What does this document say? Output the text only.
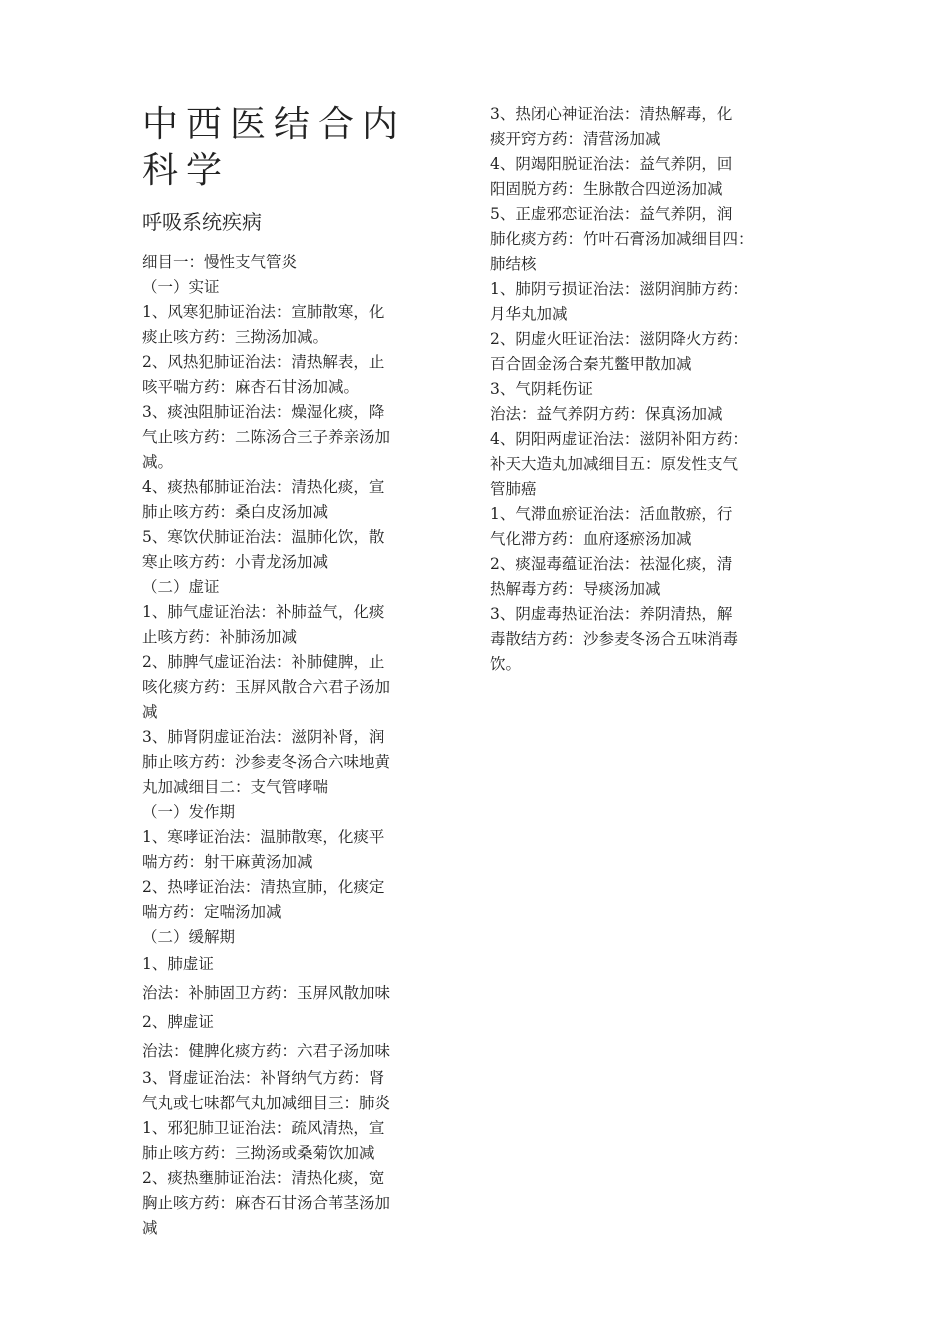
中西医结合内科学
呼吸系统疾病
细目一：慢性支气管炎
（一）实证
1、风寒犯肺证治法：宣肺散寒，化
痰止咳方药：三拗汤加减。
2、风热犯肺证治法：清热解表，止
咳平喘方药：麻杏石甘汤加减。
3、痰浊阻肺证治法：燥湿化痰，降
气止咳方药：二陈汤合三子养亲汤加
减。
4、痰热郁肺证治法：清热化痰，宣
肺止咳方药：桑白皮汤加减
5、寒饮伏肺证治法：温肺化饮，散
寒止咳方药：小青龙汤加减
（二）虚证
1、肺气虚证治法：补肺益气，化痰
止咳方药：补肺汤加减
2、肺脾气虚证治法：补肺健脾，止
咳化痰方药：玉屏风散合六君子汤加
减
3、肺肾阴虚证治法：滋阴补肾，润
肺止咳方药：沙参麦冬汤合六味地黄
丸加减细目二：支气管哮喘
（一）发作期
1、寒哮证治法：温肺散寒，化痰平
喘方药：射干麻黄汤加减
2、热哮证治法：清热宣肺，化痰定
喘方药：定喘汤加减
（二）缓解期
1、肺虚证
治法：补肺固卫方药：玉屏风散加味
2、脾虚证
治法：健脾化痰方药：六君子汤加味
3、肾虚证治法：补肾纳气方药：肾
气丸或七味都气丸加减细目三：肺炎
1、邪犯肺卫证治法：疏风清热，宣
肺止咳方药：三拗汤或桑菊饮加减
2、痰热壅肺证治法：清热化痰，宽
胸止咳方药：麻杏石甘汤合苇茎汤加
减
3、热闭心神证治法：清热解毒，化
痰开窍方药：清营汤加减
4、阴竭阳脱证治法：益气养阴，回
阳固脱方药：生脉散合四逆汤加减
5、正虚邪恋证治法：益气养阴，润
肺化痰方药：竹叶石膏汤加减细目四：
肺结核
1、肺阴亏损证治法：滋阴润肺方药：
月华丸加减
2、阴虚火旺证治法：滋阴降火方药：
百合固金汤合秦艽鳖甲散加减
3、气阴耗伤证
治法：益气养阴方药：保真汤加减
4、阴阳两虚证治法：滋阴补阳方药：
补天大造丸加减细目五：原发性支气
管肺癌
1、气滞血瘀证治法：活血散瘀，行
气化滞方药：血府逐瘀汤加减
2、痰湿毒蕴证治法：祛湿化痰，清
热解毒方药：导痰汤加减
3、阴虚毒热证治法：养阴清热，解
毒散结方药：沙参麦冬汤合五味消毒
饮。
